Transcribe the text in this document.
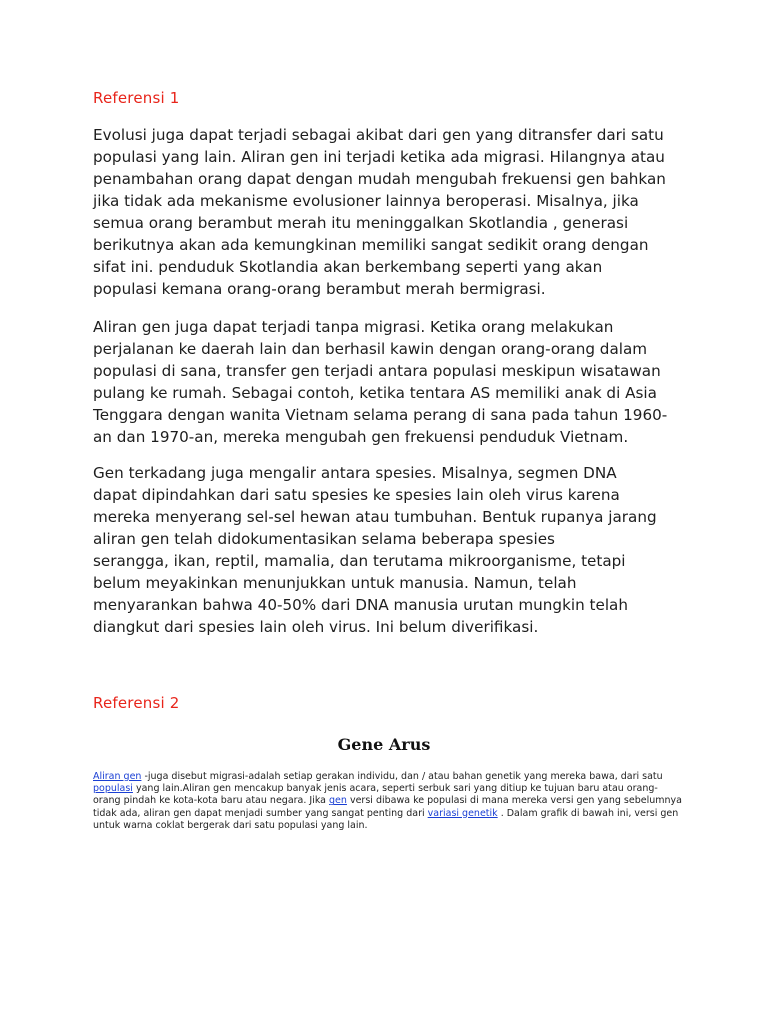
Referensi 1

Evolusi juga dapat terjadi sebagai akibat dari gen yang ditransfer dari satu
populasi yang lain. Aliran gen ini terjadi ketika ada migrasi. Hilangnya atau
penambahan orang dapat dengan mudah mengubah frekuensi gen bahkan
jika tidak ada mekanisme evolusioner lainnya beroperasi. Misalnya, jika
semua orang berambut merah itu meninggalkan Skotlandia , generasi
berikutnya akan ada kemungkinan memiliki sangat sedikit orang dengan
sifat ini. penduduk Skotlandia akan berkembang seperti yang akan
populasi kemana orang-orang berambut merah bermigrasi.

Aliran gen juga dapat terjadi tanpa migrasi. Ketika orang melakukan
perjalanan ke daerah lain dan berhasil kawin dengan orang-orang dalam
populasi di sana, transfer gen terjadi antara populasi meskipun wisatawan
pulang ke rumah. Sebagai contoh, ketika tentara AS memiliki anak di Asia
Tenggara dengan wanita Vietnam selama perang di sana pada tahun 1960-
an dan 1970-an, mereka mengubah gen frekuensi penduduk Vietnam.

Gen terkadang juga mengalir antara spesies. Misalnya, segmen DNA
dapat dipindahkan dari satu spesies ke spesies lain oleh virus karena
mereka menyerang sel-sel hewan atau tumbuhan. Bentuk rupanya jarang
aliran gen telah didokumentasikan selama beberapa spesies
serangga, ikan, reptil, mamalia, dan terutama mikroorganisme, tetapi
belum meyakinkan menunjukkan untuk manusia. Namun, telah
menyarankan bahwa 40-50% dari DNA manusia urutan mungkin telah
diangkut dari spesies lain oleh virus. Ini belum diverifikasi.

Referensi 2
Gene Arus

Aliran gen -juga disebut migrasi-adalah setiap gerakan individu, dan / atau bahan genetik yang mereka bawa, dari satu populasi yang lain.Aliran gen mencakup banyak jenis acara, seperti serbuk sari yang ditiup ke tujuan baru atau orang-orang pindah ke kota-kota baru atau negara. Jika gen versi dibawa ke populasi di mana mereka versi gen yang sebelumnya tidak ada, aliran gen dapat menjadi sumber yang sangat penting dari variasi genetik . Dalam grafik di bawah ini, versi gen untuk warna coklat bergerak dari satu populasi yang lain.
